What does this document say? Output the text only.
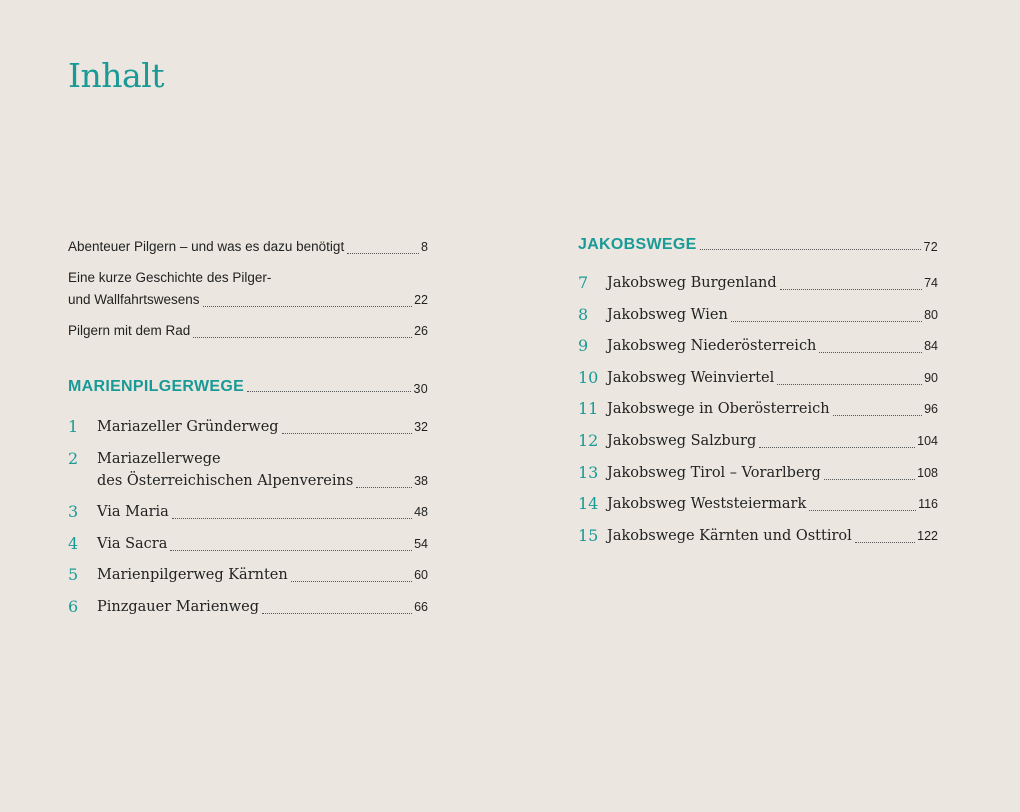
Inhalt
Abenteuer Pilgern – und was es dazu benötigt	8
Eine kurze Geschichte des Pilger-
und Wallfahrtswesens	22
Pilgern mit dem Rad	26
MARIENPILGERWEGE	30
1	Mariazeller Gründerweg	32
2	Mariazellerwege
des Österreichischen Alpenvereins	38
3	Via Maria	48
4	Via Sacra	54
5	Marienpilgerweg Kärnten	60
6	Pinzgauer Marienweg	66
JAKOBSWEGE	72
7	Jakobsweg Burgenland	74
8	Jakobsweg Wien	80
9	Jakobsweg Niederösterreich	84
10 Jakobsweg Weinviertel	90
11 Jakobswege in Oberösterreich	96
12 Jakobsweg Salzburg	104
13 Jakobsweg Tirol – Vorarlberg	108
14 Jakobsweg Weststeiermark	116
15 Jakobswege Kärnten und Osttirol	122
